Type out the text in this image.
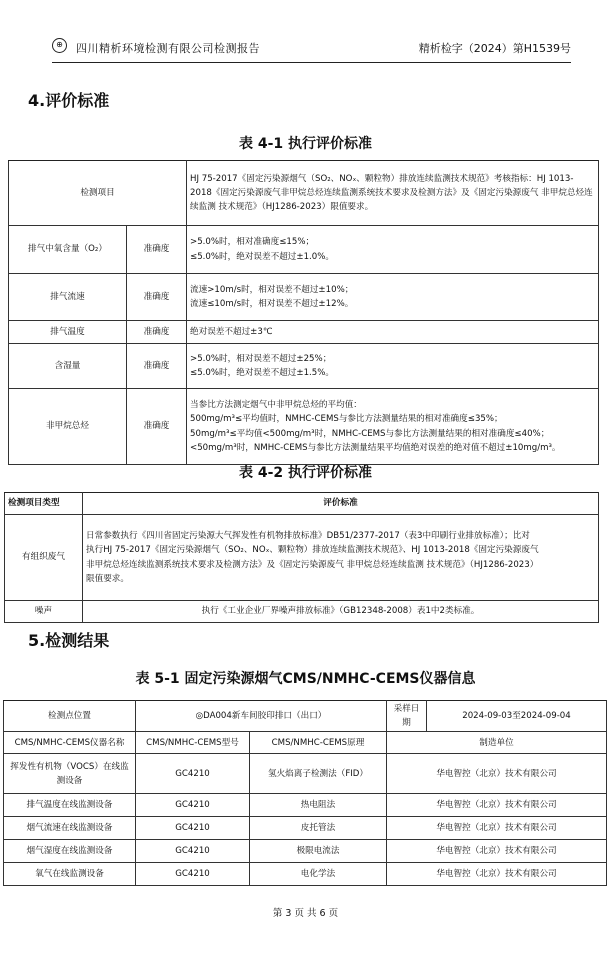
⊕	四川精析环境检测有限公司检测报告	精析检字（2024）第H1539号
4.评价标准
表 4-1 执行评价标准
检测项目		HJ 75-2017《固定污染源烟气（SO₂、NOₓ、颗粒物）排放连续监测技术规范》考核指标：HJ 1013-2018《固定污染源废气非甲烷总烃连续监测系统技术要求及检测方法》及《固定污染源废气 非甲烷总烃连续监测 技术规范》（HJ1286-2023）限值要求。
排气中氧含量（O₂）	准确度	>5.0%时，相对准确度≤15%；
≤5.0%时，绝对误差不超过±1.0%。

排气流速	准确度	流速>10m/s时，相对误差不超过±10%；
流速≤10m/s时，相对误差不超过±12%。

排气温度	准确度	绝对误差不超过±3℃

含湿量	准确度	>5.0%时，相对误差不超过±25%；
≤5.0%时，绝对误差不超过±1.5%。

非甲烷总烃	准确度	当参比方法测定烟气中非甲烷总烃的平均值：
500mg/m³≤平均值时，NMHC-CEMS与参比方法测量结果的相对准确度≤35%；
50mg/m³≤平均值<500mg/m³时，NMHC-CEMS与参比方法测量结果的相对准确度≤40%；
<50mg/m³时，NMHC-CEMS与参比方法测量结果平均值绝对误差的绝对值不超过±10mg/m³。
表 4-2 执行评价标准
检测项目类型	评价标准
有组织废气	日常参数执行《四川省固定污染源大气挥发性有机物排放标准》DB51/2377-2017（表3中印刷行业排放标准）；比对
执行HJ 75-2017《固定污染源烟气（SO₂、NOₓ、颗粒物）排放连续监测技术规范》、HJ 1013-2018《固定污染源废气
非甲烷总烃连续监测系统技术要求及检测方法》及《固定污染源废气 非甲烷总烃连续监测 技术规范》（HJ1286-2023）
限值要求。

噪声	执行《工业企业厂界噪声排放标准》（GB12348-2008）表1中2类标准。
5.检测结果
表 5-1 固定污染源烟气CMS/NMHC-CEMS仪器信息
检测点位置	◎DA004新车间胶印排口（出口）		采样日期	2024-09-03至2024-09-04
CMS/NMHC-CEMS仪器名称	CMS/NMHC-CEMS型号	CMS/NMHC-CEMS原理	制造单位	
挥发性有机物（VOCS）在线监测设备	GC4210	氢火焰离子检测法（FID）	华电智控（北京）技术有限公司	
排气温度在线监测设备	GC4210	热电阻法	华电智控（北京）技术有限公司	
烟气流速在线监测设备	GC4210	皮托管法	华电智控（北京）技术有限公司	
烟气湿度在线监测设备	GC4210	极限电流法	华电智控（北京）技术有限公司	
氧气在线监测设备	GC4210	电化学法	华电智控（北京）技术有限公司	
第 3 页 共 6 页
